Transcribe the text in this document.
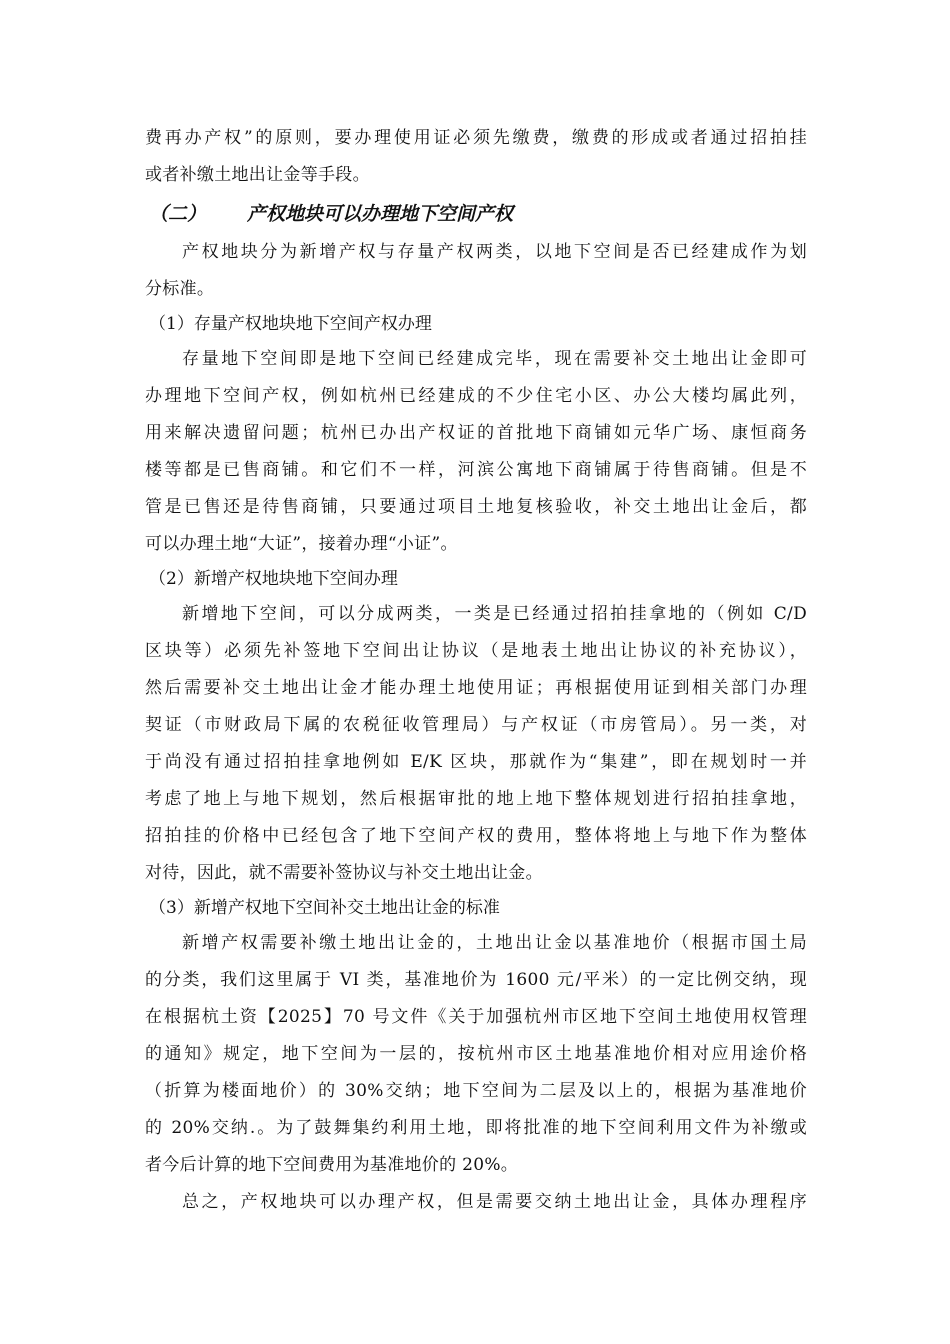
费再办产权”的原则，要办理使用证必须先缴费，缴费的形成或者通过招拍挂
或者补缴土地出让金等手段。
（二）	产权地块可以办理地下空间产权
产权地块分为新增产权与存量产权两类，以地下空间是否已经建成作为划
分标准。
（1）存量产权地块地下空间产权办理
存量地下空间即是地下空间已经建成完毕，现在需要补交土地出让金即可
办理地下空间产权，例如杭州已经建成的不少住宅小区、办公大楼均属此列，
用来解决遗留问题；杭州已办出产权证的首批地下商铺如元华广场、康恒商务
楼等都是已售商铺。和它们不一样，河滨公寓地下商铺属于待售商铺。但是不
管是已售还是待售商铺，只要通过项目土地复核验收，补交土地出让金后，都
可以办理土地“大证”，接着办理“小证”。
（2）新增产权地块地下空间办理
新增地下空间，可以分成两类，一类是已经通过招拍挂拿地的（例如 C/D
区块等）必须先补签地下空间出让协议（是地表土地出让协议的补充协议），
然后需要补交土地出让金才能办理土地使用证；再根据使用证到相关部门办理
契证（市财政局下属的农税征收管理局）与产权证（市房管局）。另一类，对
于尚没有通过招拍挂拿地例如 E/K 区块，那就作为“集建”，即在规划时一并
考虑了地上与地下规划，然后根据审批的地上地下整体规划进行招拍挂拿地，
招拍挂的价格中已经包含了地下空间产权的费用，整体将地上与地下作为整体
对待，因此，就不需要补签协议与补交土地出让金。
（3）新增产权地下空间补交土地出让金的标准
新增产权需要补缴土地出让金的，土地出让金以基准地价（根据市国土局
的分类，我们这里属于 VI 类，基准地价为 1600 元/平米）的一定比例交纳，现
在根据杭土资【2025】70 号文件《关于加强杭州市区地下空间土地使用权管理
的通知》规定，地下空间为一层的，按杭州市区土地基准地价相对应用途价格
（折算为楼面地价）的 30%交纳；地下空间为二层及以上的，根据为基准地价
的 20%交纳.。为了鼓舞集约利用土地，即将批准的地下空间利用文件为补缴或
者今后计算的地下空间费用为基准地价的 20%。
总之，产权地块可以办理产权，但是需要交纳土地出让金，具体办理程序
